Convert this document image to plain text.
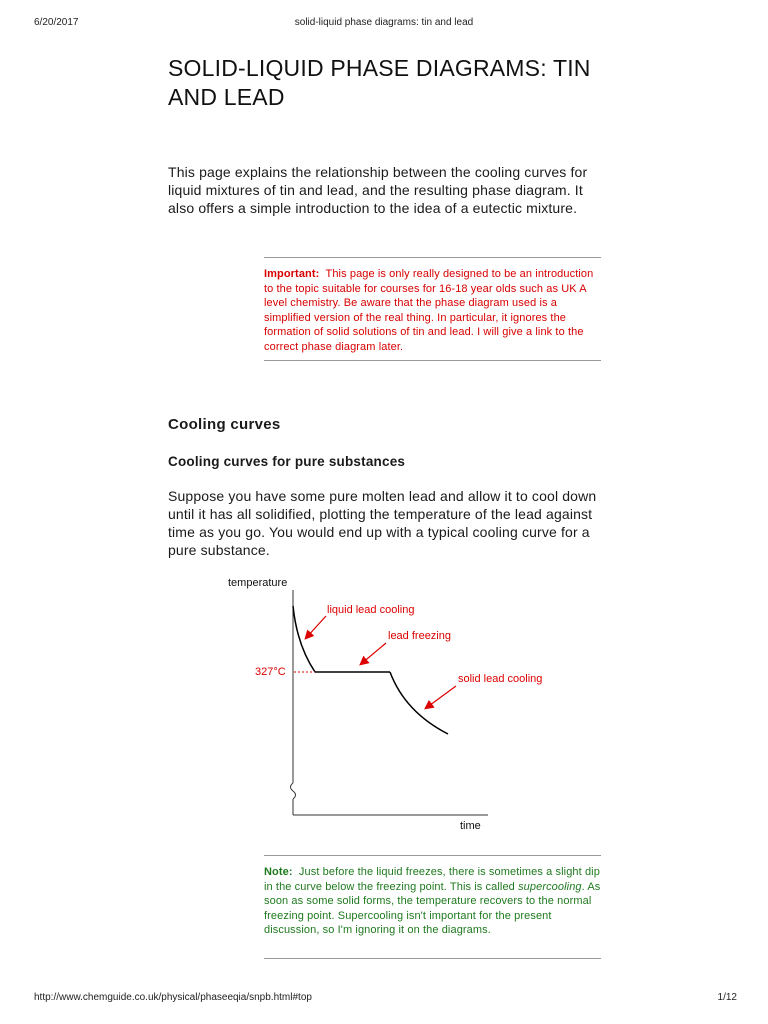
6/20/2017	solid-liquid phase diagrams: tin and lead
SOLID-LIQUID PHASE DIAGRAMS: TIN AND LEAD

This page explains the relationship between the cooling curves for liquid mixtures of tin and lead, and the resulting phase diagram. It also offers a simple introduction to the idea of a eutectic mixture.

Important: This page is only really designed to be an introduction to the topic suitable for courses for 16-18 year olds such as UK A level chemistry. Be aware that the phase diagram used is a simplified version of the real thing. In particular, it ignores the formation of solid solutions of tin and lead. I will give a link to the correct phase diagram later.
Cooling curves
Cooling curves for pure substances

Suppose you have some pure molten lead and allow it to cool down until it has all solidified, plotting the temperature of the lead against time as you go. You would end up with a typical cooling curve for a pure substance.

temperature
time
327°C
liquid lead cooling
lead freezing
solid lead cooling
Note: Just before the liquid freezes, there is sometimes a slight dip in the curve below the freezing point. This is called supercooling. As soon as some solid forms, the temperature recovers to the normal freezing point. Supercooling isn't important for the present discussion, so I'm ignoring it on the diagrams.
http://www.chemguide.co.uk/physical/phaseeqia/snpb.html#top	1/12
